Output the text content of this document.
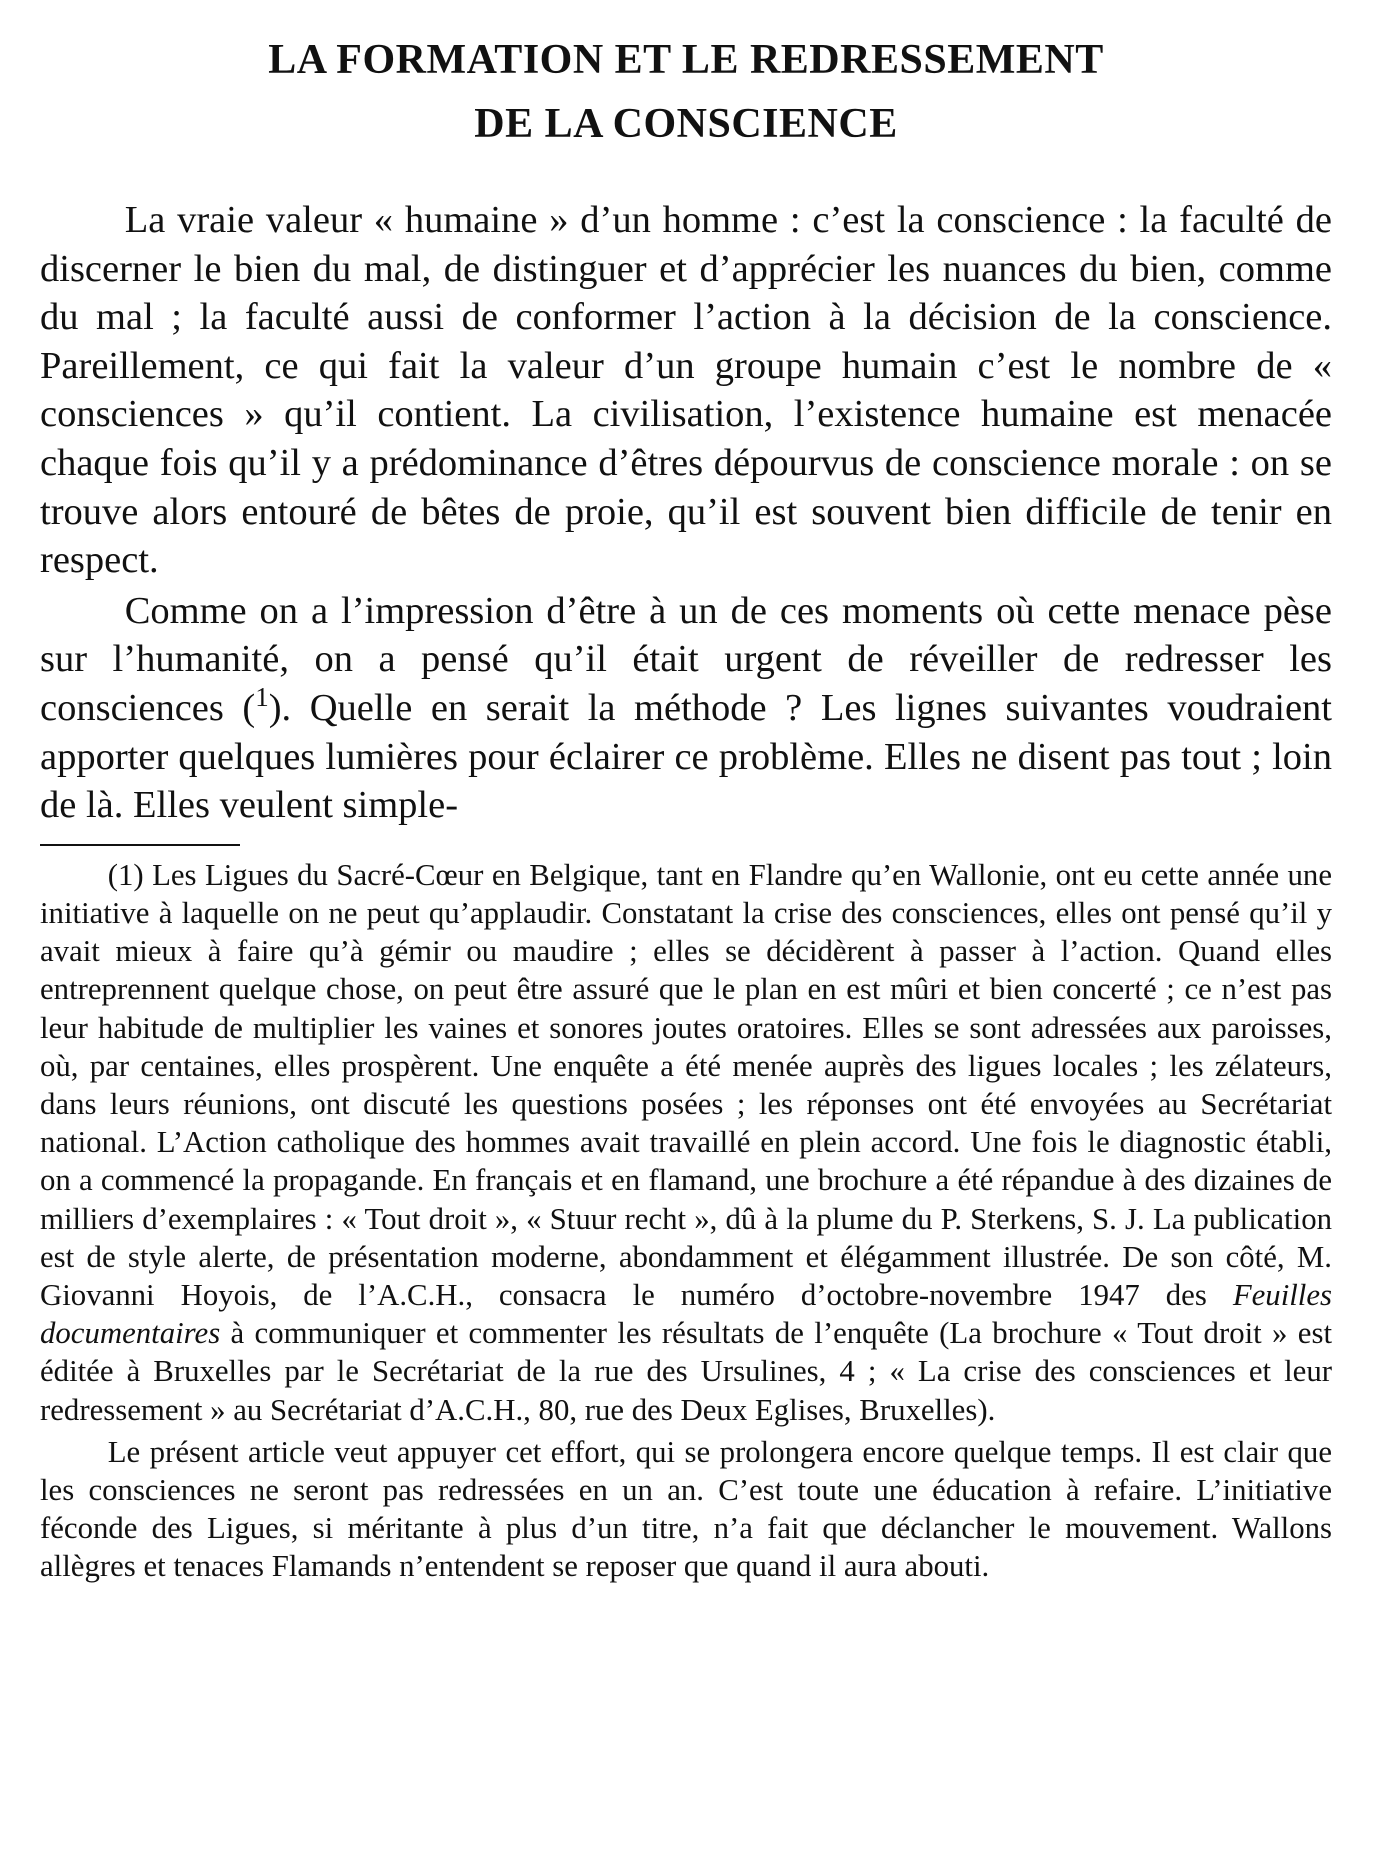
LA FORMATION ET LE REDRESSEMENT
DE LA CONSCIENCE

La vraie valeur « humaine » d’un homme : c’est la conscience : la faculté de discerner le bien du mal, de distinguer et d’apprécier les nuances du bien, comme du mal ; la faculté aussi de conformer l’action à la décision de la conscience. Pareillement, ce qui fait la valeur d’un groupe humain c’est le nombre de « consciences » qu’il contient. La civilisation, l’existence humaine est menacée chaque fois qu’il y a prédominance d’êtres dépourvus de conscience morale : on se trouve alors entouré de bêtes de proie, qu’il est souvent bien difficile de tenir en respect.

Comme on a l’impression d’être à un de ces moments où cette menace pèse sur l’humanité, on a pensé qu’il était urgent de réveiller de redresser les consciences ($^1$). Quelle en serait la méthode ? Les lignes suivantes voudraient apporter quelques lumières pour éclairer ce problème. Elles ne disent pas tout ; loin de là. Elles veulent simple-

(1) Les Ligues du Sacré-Cœur en Belgique, tant en Flandre qu’en Wallonie, ont eu cette année une initiative à laquelle on ne peut qu’applaudir. Constatant la crise des consciences, elles ont pensé qu’il y avait mieux à faire qu’à gémir ou maudire ; elles se décidèrent à passer à l’action. Quand elles entreprennent quelque chose, on peut être assuré que le plan en est mûri et bien concerté ; ce n’est pas leur habitude de multiplier les vaines et sonores joutes oratoires. Elles se sont adressées aux paroisses, où, par centaines, elles prospèrent. Une enquête a été menée auprès des ligues locales ; les zélateurs, dans leurs réunions, ont discuté les questions posées ; les réponses ont été envoyées au Secrétariat national. L’Action catholique des hommes avait travaillé en plein accord. Une fois le diagnostic établi, on a commencé la propagande. En français et en flamand, une brochure a été répandue à des dizaines de milliers d’exemplaires : « Tout droit », « Stuur recht », dû à la plume du P. Sterkens, S. J. La publication est de style alerte, de présentation moderne, abondamment et élégamment illustrée. De son côté, M. Giovanni Hoyois, de l’A.C.H., consacra le numéro d’octobre-novembre 1947 des Feuilles documentaires à communiquer et commenter les résultats de l’enquête (La brochure « Tout droit » est éditée à Bruxelles par le Secrétariat de la rue des Ursulines, 4 ; « La crise des consciences et leur redressement » au Secrétariat d’A.C.H., 80, rue des Deux Eglises, Bruxelles).

Le présent article veut appuyer cet effort, qui se prolongera encore quelque temps. Il est clair que les consciences ne seront pas redressées en un an. C’est toute une éducation à refaire. L’initiative féconde des Ligues, si méritante à plus d’un titre, n’a fait que déclancher le mouvement. Wallons allègres et tenaces Flamands n’entendent se reposer que quand il aura abouti.
